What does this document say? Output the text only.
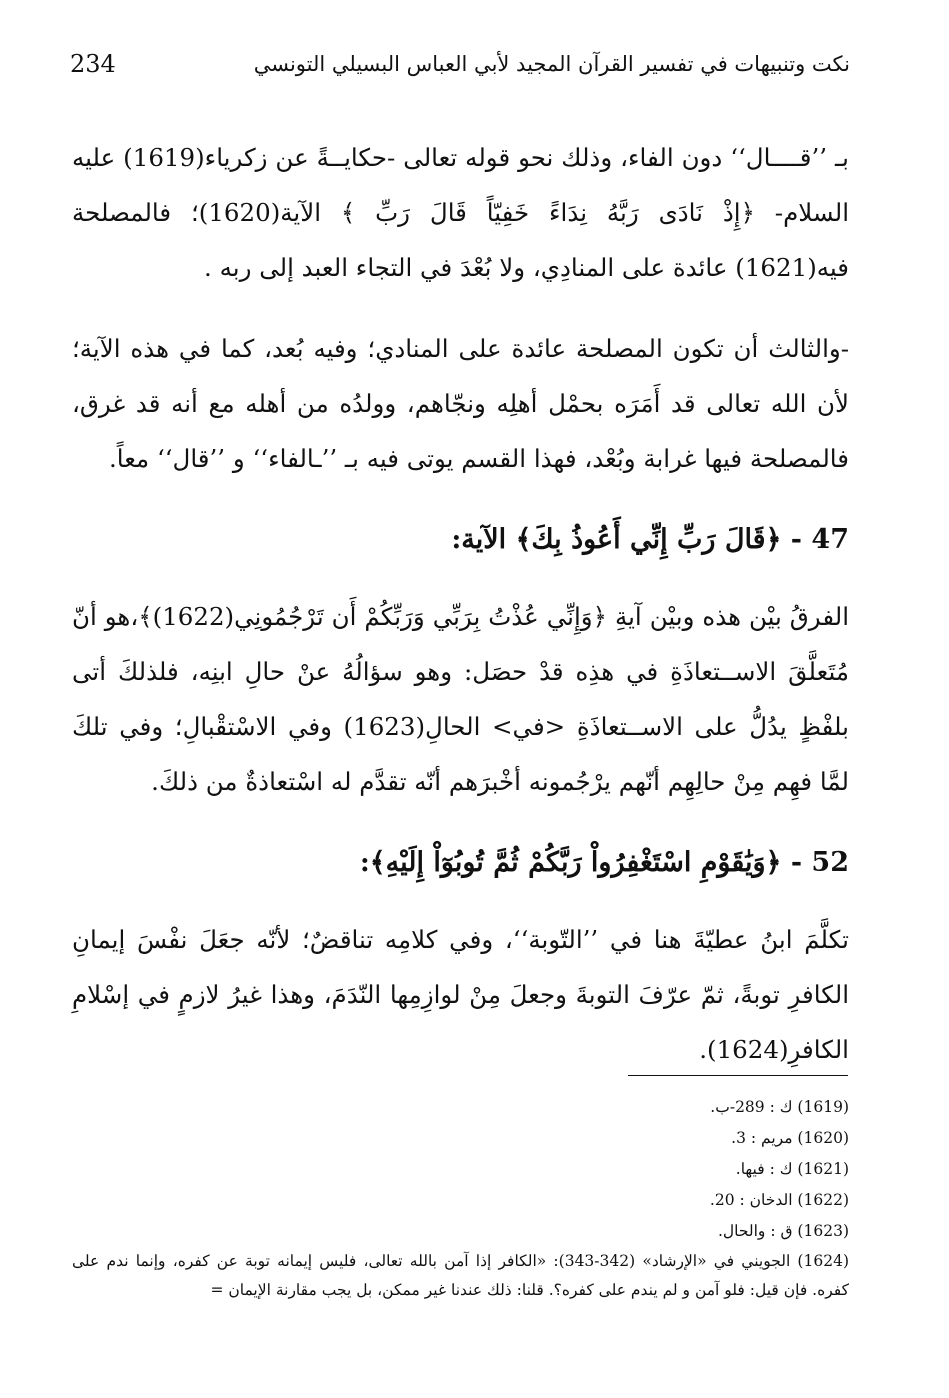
234	نكت وتنبيهات في تفسير القرآن المجيد لأبي العباس البسيلي التونسي

بـ ’’قــــال‘‘ دون الفاء، وذلك نحو قوله تعالى -حكايــةً عن زكرياء(1619) عليه السلام- ﴿إِذْ نَادَى رَبَّهُ نِدَاءً خَفِيّاً قَالَ رَبِّ ﴾ الآية(1620)؛ فالمصلحة فيه(1621) عائدة على المنادِي، ولا بُعْدَ في التجاء العبد إلى ربه .

-والثالث أن تكون المصلحة عائدة على المنادي؛ وفيه بُعد، كما في هذه الآية؛ لأن الله تعالى قد أَمَرَه بحمْل أهلِه ونجّاهم، وولدُه من أهله مع أنه قد غرق، فالمصلحة فيها غرابة وبُعْد، فهذا القسم يوتى فيه بـ ’’ـالفاء‘‘ و ’’قال‘‘ معاً.

47 - ﴿قَالَ رَبِّ إِنِّي أَعُوذُ بِكَ﴾ الآية:

الفرقُ بيْن هذه وبيْن آيةِ ﴿وَإِنِّي عُذْتُ بِرَبِّي وَرَبِّكُمْ أَن تَرْجُمُونِي(1622)﴾،هو أنّ مُتَعلَّقَ الاســتعاذَةِ في هذِه قدْ حصَل: وهو سؤالُهُ عنْ حالِ ابنِه، فلذلكَ أتى بلفْظٍ يدُلُّ على الاســتعاذَةِ <في> الحالِ(1623) وفي الاسْتقْبالِ؛ وفي تلكَ لمَّا فهِم مِنْ حالِهِم أنّهم يرْجُمونه أخْبرَهم أنّه تقدَّم له اسْتعاذةٌ من ذلكَ.

52 - ﴿وَيَٰقَوْمِ اسْتَغْفِرُواْ رَبَّكُمْ ثُمَّ تُوبُوٓاْ إِلَيْهِ﴾:

تكلَّمَ ابنُ عطيّةَ هنا في ’’التّوبة‘‘، وفي كلامِه تناقضٌ؛ لأنّه جعَلَ نفْسَ إيمانِ الكافرِ توبةً، ثمّ عرّفَ التوبةَ وجعلَ مِنْ لوازِمِها النّدَمَ، وهذا غيرُ لازمٍ في إسْلامِ الكافرِ(1624).

(1619) ك : 289-ب.

(1620) مريم : 3.

(1621) ك : فيها.

(1622) الدخان : 20.

(1623) ق : والحال.

(1624) الجويني في «الإرشاد» (342-343): «الكافر إذا آمن بالله تعالى، فليس إيمانه توبة عن كفره، وإنما ندم على كفره. فإن قيل: فلو آمن و لم يندم على كفره؟. قلنا: ذلك عندنا غير ممكن، بل يجب مقارنة الإيمان =
